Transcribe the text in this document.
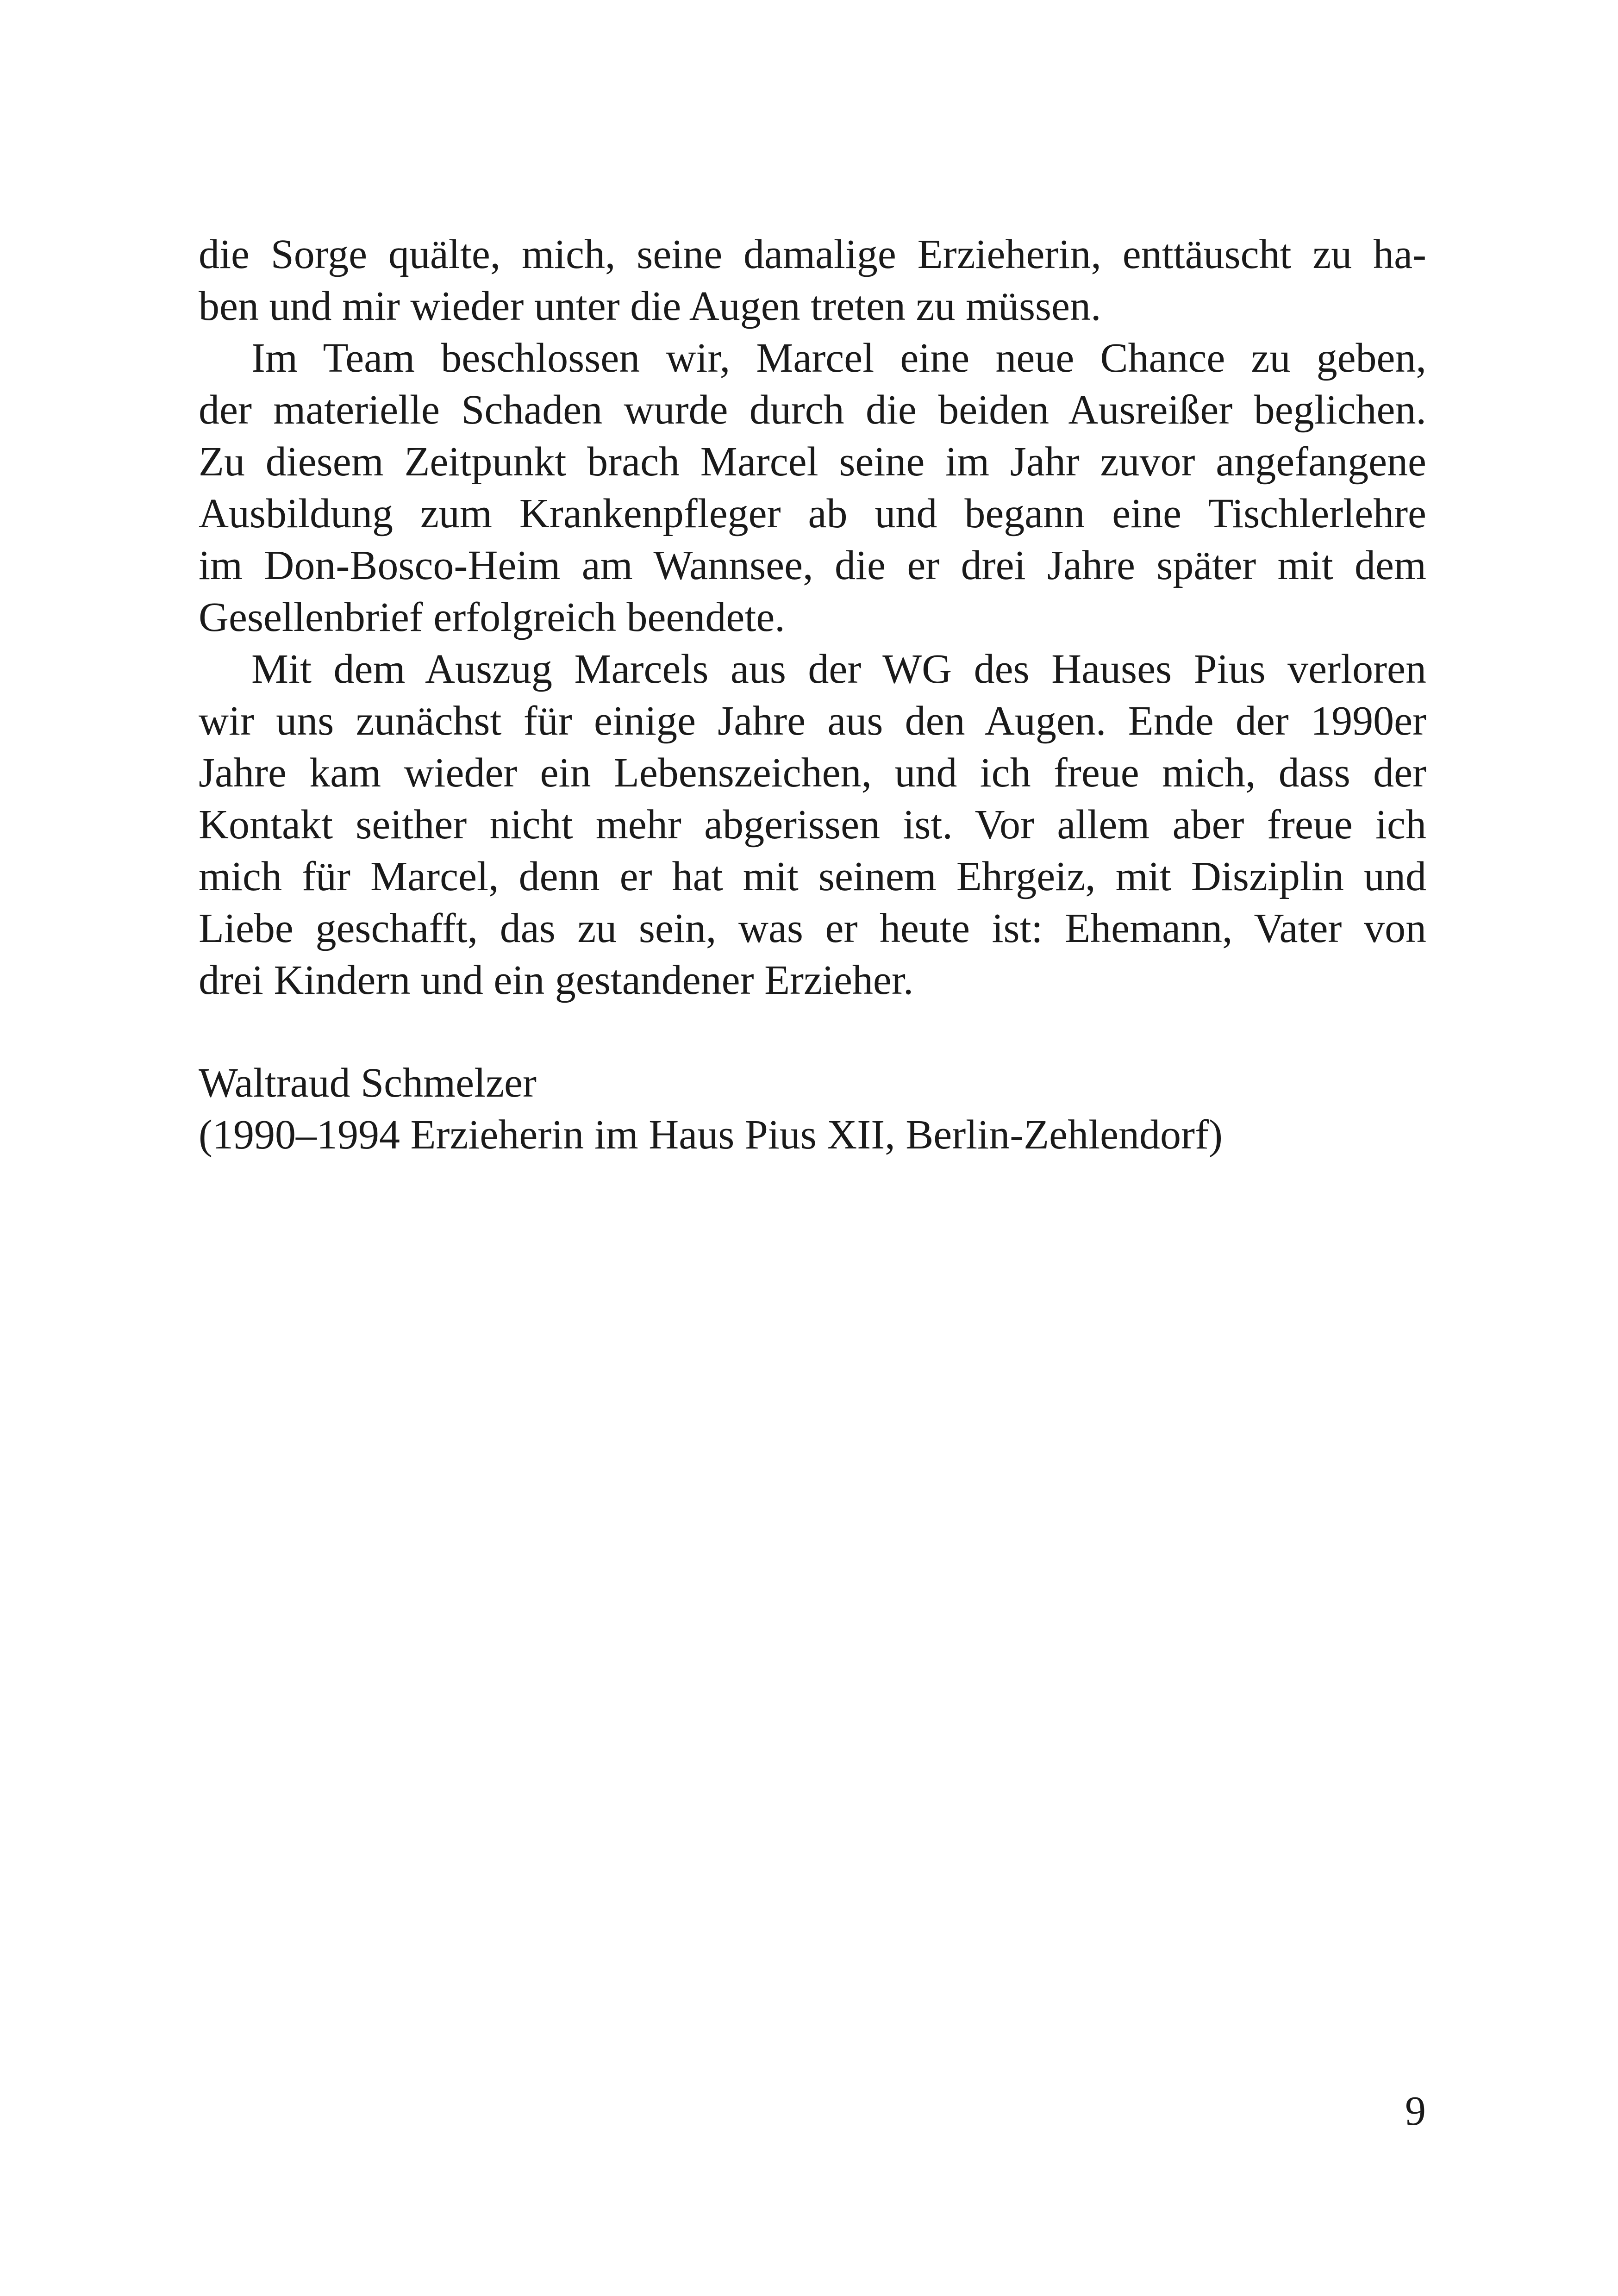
die Sorge quälte, mich, seine damalige Erzieherin, enttäuscht zu ha-
ben und mir wieder unter die Augen treten zu müssen.
Im Team beschlossen wir, Marcel eine neue Chance zu geben,
der materielle Schaden wurde durch die beiden Ausreißer beglichen.
Zu diesem Zeitpunkt brach Marcel seine im Jahr zuvor angefangene
Ausbildung zum Krankenpfleger ab und begann eine Tischlerlehre
im Don-Bosco-Heim am Wannsee, die er drei Jahre später mit dem
Gesellenbrief erfolgreich beendete.
Mit dem Auszug Marcels aus der WG des Hauses Pius verloren
wir uns zunächst für einige Jahre aus den Augen. Ende der 1990er
Jahre kam wieder ein Lebenszeichen, und ich freue mich, dass der
Kontakt seither nicht mehr abgerissen ist. Vor allem aber freue ich
mich für Marcel, denn er hat mit seinem Ehrgeiz, mit Disziplin und
Liebe geschafft, das zu sein, was er heute ist: Ehemann, Vater von
drei Kindern und ein gestandener Erzieher.
Waltraud Schmelzer
(1990–1994 Erzieherin im Haus Pius XII, Berlin-Zehlendorf)
9
